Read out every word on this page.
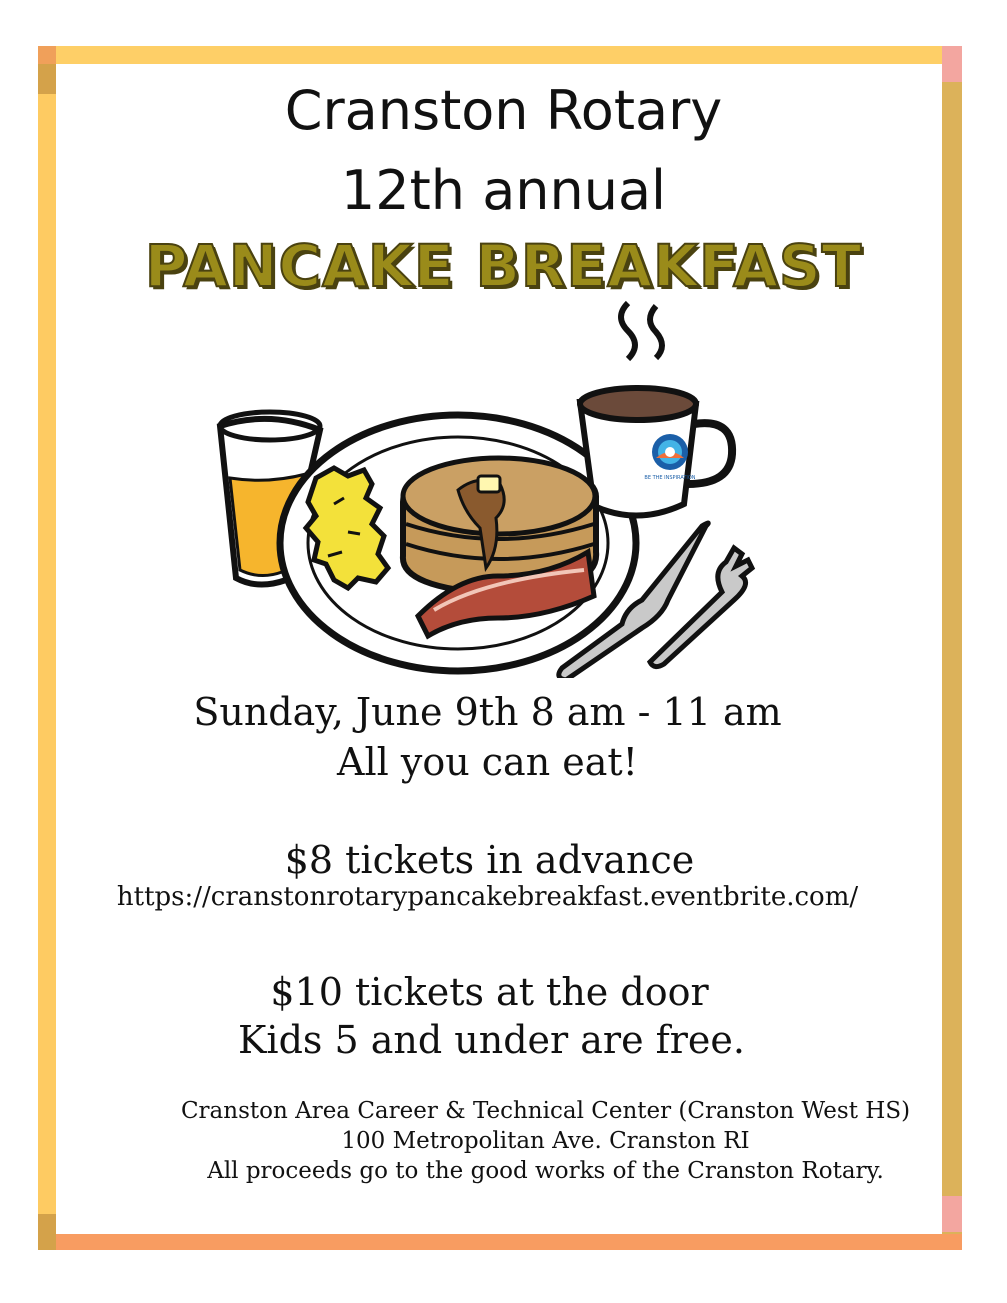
Cranston Rotary
12th annual
PANCAKE BREAKFAST
BE THE INSPIRATION
Sunday, June 9th 8 am - 11 am
All you can eat!
$8 tickets in advance
https://cranstonrotarypancakebreakfast.eventbrite.com/
$10 tickets at the door
Kids 5 and under are free.
Cranston Area Career & Technical Center (Cranston West HS)
100 Metropolitan Ave. Cranston RI
All proceeds go to the good works of the Cranston Rotary.
